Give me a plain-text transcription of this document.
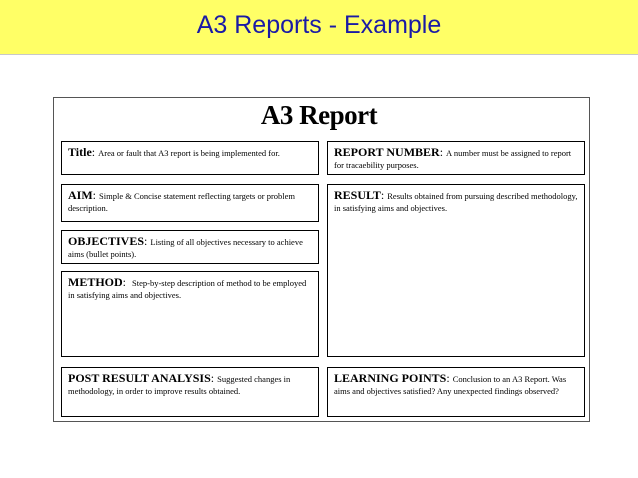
A3 Reports - Example
A3 Report
Title: Area or fault that A3 report is being implemented for.	REPORT NUMBER: A number must be assigned to report for tracaebility purposes.
AIM: Simple & Concise statement reflecting targets or problem description.
RESULT: Results obtained from pursuing described methodology, in satisfying aims and objectives.
OBJECTIVES: Listing of all objectives necessary to achieve aims (bullet points).
METHOD:  Step-by-step description of method to be employed in satisfying aims and objectives.
POST RESULT ANALYSIS: Suggested changes in methodology, in order to improve results obtained.
LEARNING POINTS: Conclusion to an A3 Report. Was aims and objectives satisfied? Any unexpected findings observed?
